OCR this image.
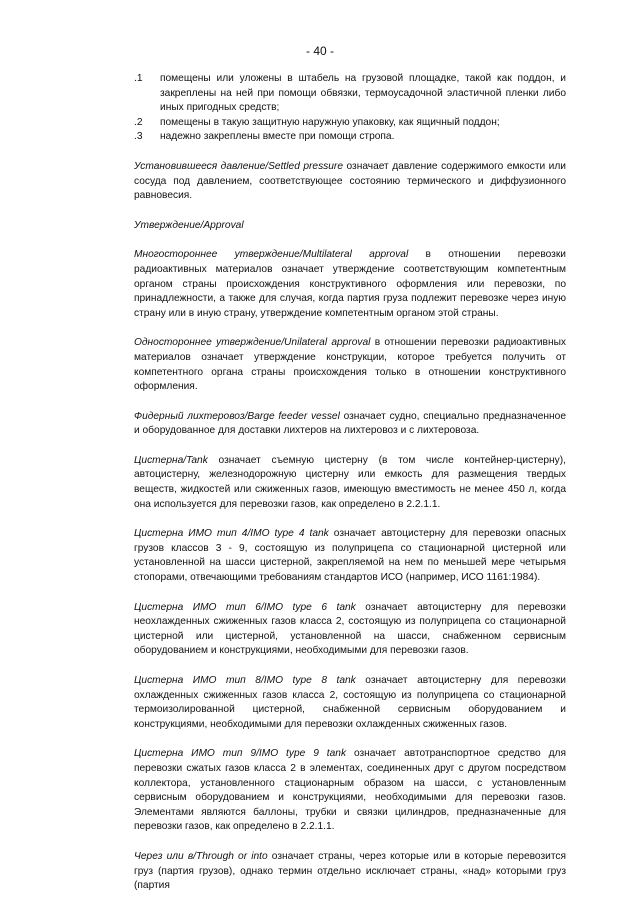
- 40 -
.1	помещены или уложены в штабель на грузовой площадке, такой как поддон, и закреплены на ней при помощи обвязки, термоусадочной эластичной пленки либо иных пригодных средств;
.2	помещены в такую защитную наружную упаковку, как ящичный поддон;
.3	надежно закреплены вместе при помощи стропа.

Установившееся давление/Settled pressure означает давление содержимого емкости или сосуда под давлением, соответствующее состоянию термического и диффузионного равновесия.

Утверждение/Approval

Многостороннее утверждение/Multilateral approval в отношении перевозки радиоактивных материалов означает утверждение соответствующим компетентным органом страны происхождения конструктивного оформления или перевозки, по принадлежности, а также для случая, когда партия груза подлежит перевозке через иную страну или в иную страну, утверждение компетентным органом этой страны.

Одностороннее утверждение/Unilateral approval в отношении перевозки радиоактивных материалов означает утверждение конструкции, которое требуется получить от компетентного органа страны происхождения только в отношении конструктивного оформления.

Фидерный лихтеровоз/Barge feeder vessel означает судно, специально предназначенное и оборудованное для доставки лихтеров на лихтеровоз и с лихтеровоза.

Цистерна/Tank означает съемную цистерну (в том числе контейнер-цистерну), автоцистерну, железнодорожную цистерну или емкость для размещения твердых веществ, жидкостей или сжиженных газов, имеющую вместимость не менее 450 л, когда она используется для перевозки газов, как определено в 2.2.1.1.

Цистерна ИМО тип 4/IMO type 4 tank означает автоцистерну для перевозки опасных грузов классов 3 - 9, состоящую из полуприцепа со стационарной цистерной или установленной на шасси цистерной, закрепляемой на нем по меньшей мере четырьмя стопорами, отвечающими требованиям стандартов ИСО (например, ИСО 1161:1984).

Цистерна ИМО тип 6/IMO type 6 tank означает автоцистерну для перевозки неохлажденных сжиженных газов класса 2, состоящую из полуприцепа со стационарной цистерной или цистерной, установленной на шасси, снабженном сервисным оборудованием и конструкциями, необходимыми для перевозки газов.

Цистерна ИМО тип 8/IMO type 8 tank означает автоцистерну для перевозки охлажденных сжиженных газов класса 2, состоящую из полуприцепа со стационарной термоизолированной цистерной, снабженной сервисным оборудованием и конструкциями, необходимыми для перевозки охлажденных сжиженных газов.

Цистерна ИМО тип 9/IMO type 9 tank означает автотранспортное средство для перевозки сжатых газов класса 2 в элементах, соединенных друг с другом посредством коллектора, установленного стационарным образом на шасси, с установленным сервисным оборудованием и конструкциями, необходимыми для перевозки газов. Элементами являются баллоны, трубки и связки цилиндров, предназначенные для перевозки газов, как определено в 2.2.1.1.

Через или в/Through or into означает страны, через которые или в которые перевозится груз (партия грузов), однако термин отдельно исключает страны, «над» которыми груз (партия
